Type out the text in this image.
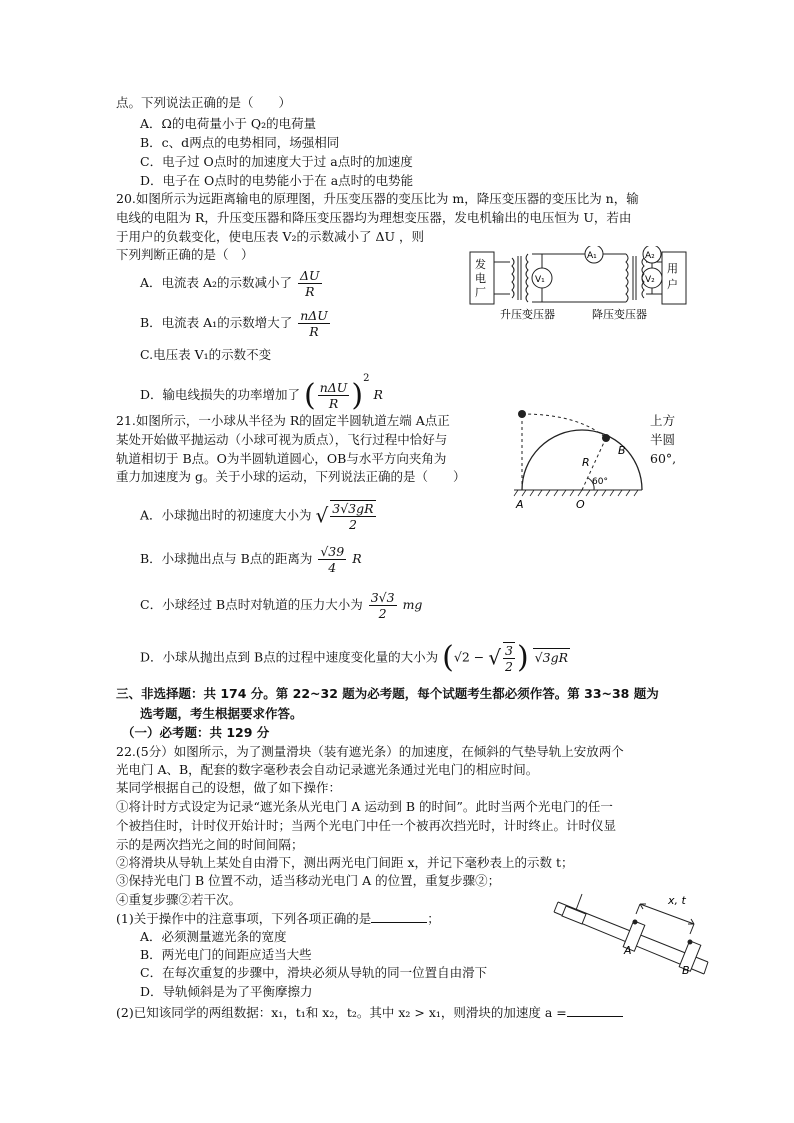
点。下列说法正确的是（　　）
A．Ω的电荷量小于 Q₂的电荷量
B．c、d两点的电势相同，场强相同
C．电子过 O点时的加速度大于过 a点时的加速度
D．电子在 O点时的电势能小于在 a点时的电势能
20.如图所示为远距离输电的原理图，升压变压器的变压比为 m，降压变压器的变压比为 n，输
电线的电阻为 R，升压变压器和降压变压器均为理想变压器，发电机输出的电压恒为 U，若由
于用户的负载变化，使电压表 V₂的示数减小了 ΔU ，则
下列判断正确的是（　）
A．电流表 A₂的示数减小了 $\frac{\Delta U}{R}$
B．电流表 A₁的示数增大了 $\frac{\text{nΔU}}{R}$
C.电压表 V₁的示数不变
D．输电线损失的功率增加了 ( $\frac{\text{nΔU}}{R} )^2$ R
发
电
厂
用
户
V₁
A₁
V₂
A₂
升压变压器	降压变压器
21.如图所示，一小球从半径为 R的固定半圆轨道左端 A点正
某处开始做平抛运动（小球可视为质点），飞行过程中恰好与
轨道相切于 B点。O为半圆轨道圆心，OB与水平方向夹角为
重力加速度为 g。关于小球的运动，下列说法正确的是（　　）
上方
半圆
60°,
R
B
A	O
60°
A．小球抛出时的初速度大小为 √ $\frac{3√3gR}{2}$
B．小球抛出点与 B点的距离为 $\frac{√39}{4}$ R
C．小球经过 B点时对轨道的压力大小为 $\frac{3√3}{2}$ mg
D．小球从抛出点到 B点的过程中速度变化量的大小为 (√2 − √ $\frac{3}{2}$ ) √3gR
三、非选择题：共 174 分。第 22~32 题为必考题，每个试题考生都必须作答。第 33~38 题为
选考题，考生根据要求作答。
（一）必考题：共 129 分
22.(5分）如图所示，为了测量滑块（装有遮光条）的加速度，在倾斜的气垫导轨上安放两个
光电门 A、B，配套的数字毫秒表会自动记录遮光条通过光电门的相应时间。
某同学根据自己的设想，做了如下操作：
①将计时方式设定为记录“遮光条从光电门 A 运动到 B 的时间”。此时当两个光电门的任一
个被挡住时，计时仪开始计时；当两个光电门中任一个被再次挡光时，计时终止。计时仪显
示的是两次挡光之间的时间间隔；
②将滑块从导轨上某处自由滑下，测出两光电门间距 x，并记下毫秒表上的示数 t；
③保持光电门 B 位置不动，适当移动光电门 A 的位置，重复步骤②；
④重复步骤②若干次。
(1)关于操作中的注意事项，下列各项正确的是	；
A．必须测量遮光条的宽度
B．两光电门的间距应适当大些
C．在每次重复的步骤中，滑块必须从导轨的同一位置自由滑下
D．导轨倾斜是为了平衡摩擦力
(2)已知该同学的两组数据：x₁，t₁和 x₂，t₂。其中 x₂ > x₁，则滑块的加速度 a =
x, t
A
B
